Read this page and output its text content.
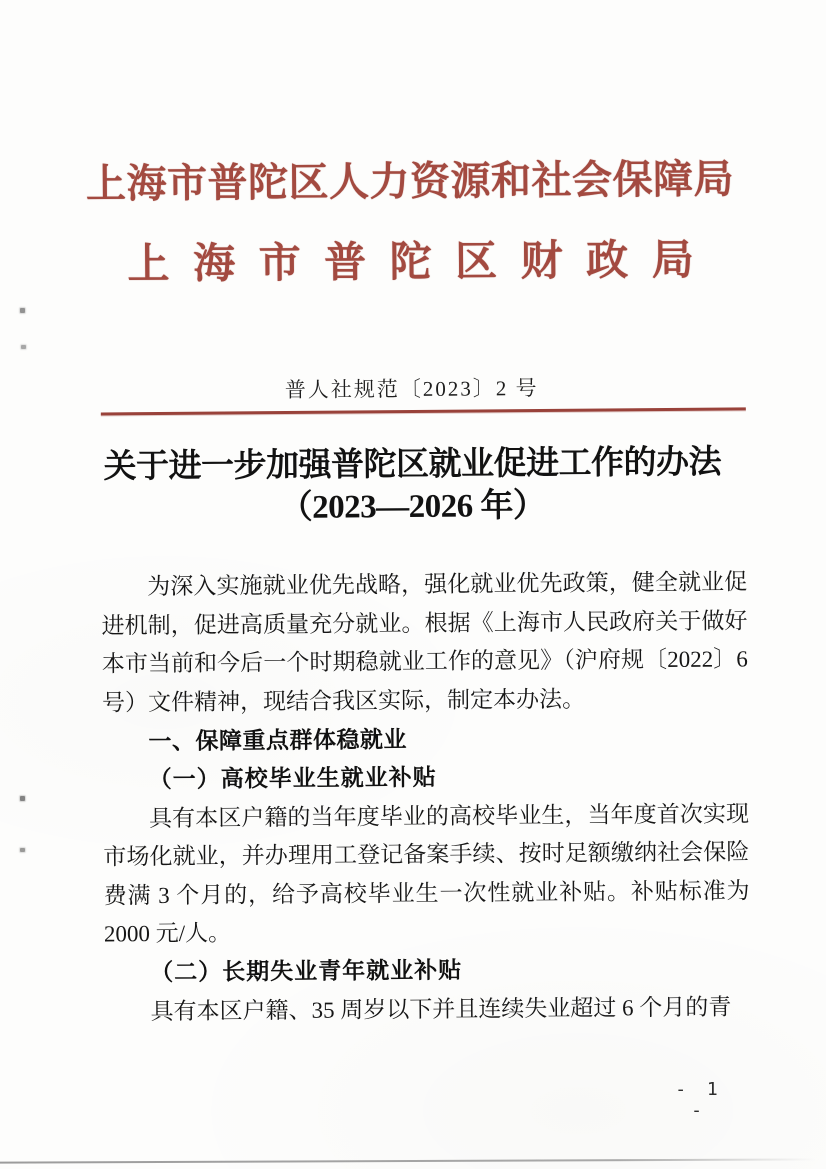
上海市普陀区人力资源和社会保障局
上海市普陀区财政局
普人社规范〔2023〕2 号
关于进一步加强普陀区就业促进工作的办法
（2023—2026 年）

为深入实施就业优先战略，强化就业优先政策，健全就业促进机制，促进高质量充分就业。根据《上海市人民政府关于做好本市当前和今后一个时期稳就业工作的意见》（沪府规〔2022〕6号）文件精神，现结合我区实际，制定本办法。

一、保障重点群体稳就业

（一）高校毕业生就业补贴

具有本区户籍的当年度毕业的高校毕业生，当年度首次实现市场化就业，并办理用工登记备案手续、按时足额缴纳社会保险费满 3 个月的，给予高校毕业生一次性就业补贴。补贴标准为 2000 元/人。

（二）长期失业青年就业补贴

具有本区户籍、35 周岁以下并且连续失业超过 6 个月的青

- 1 -
